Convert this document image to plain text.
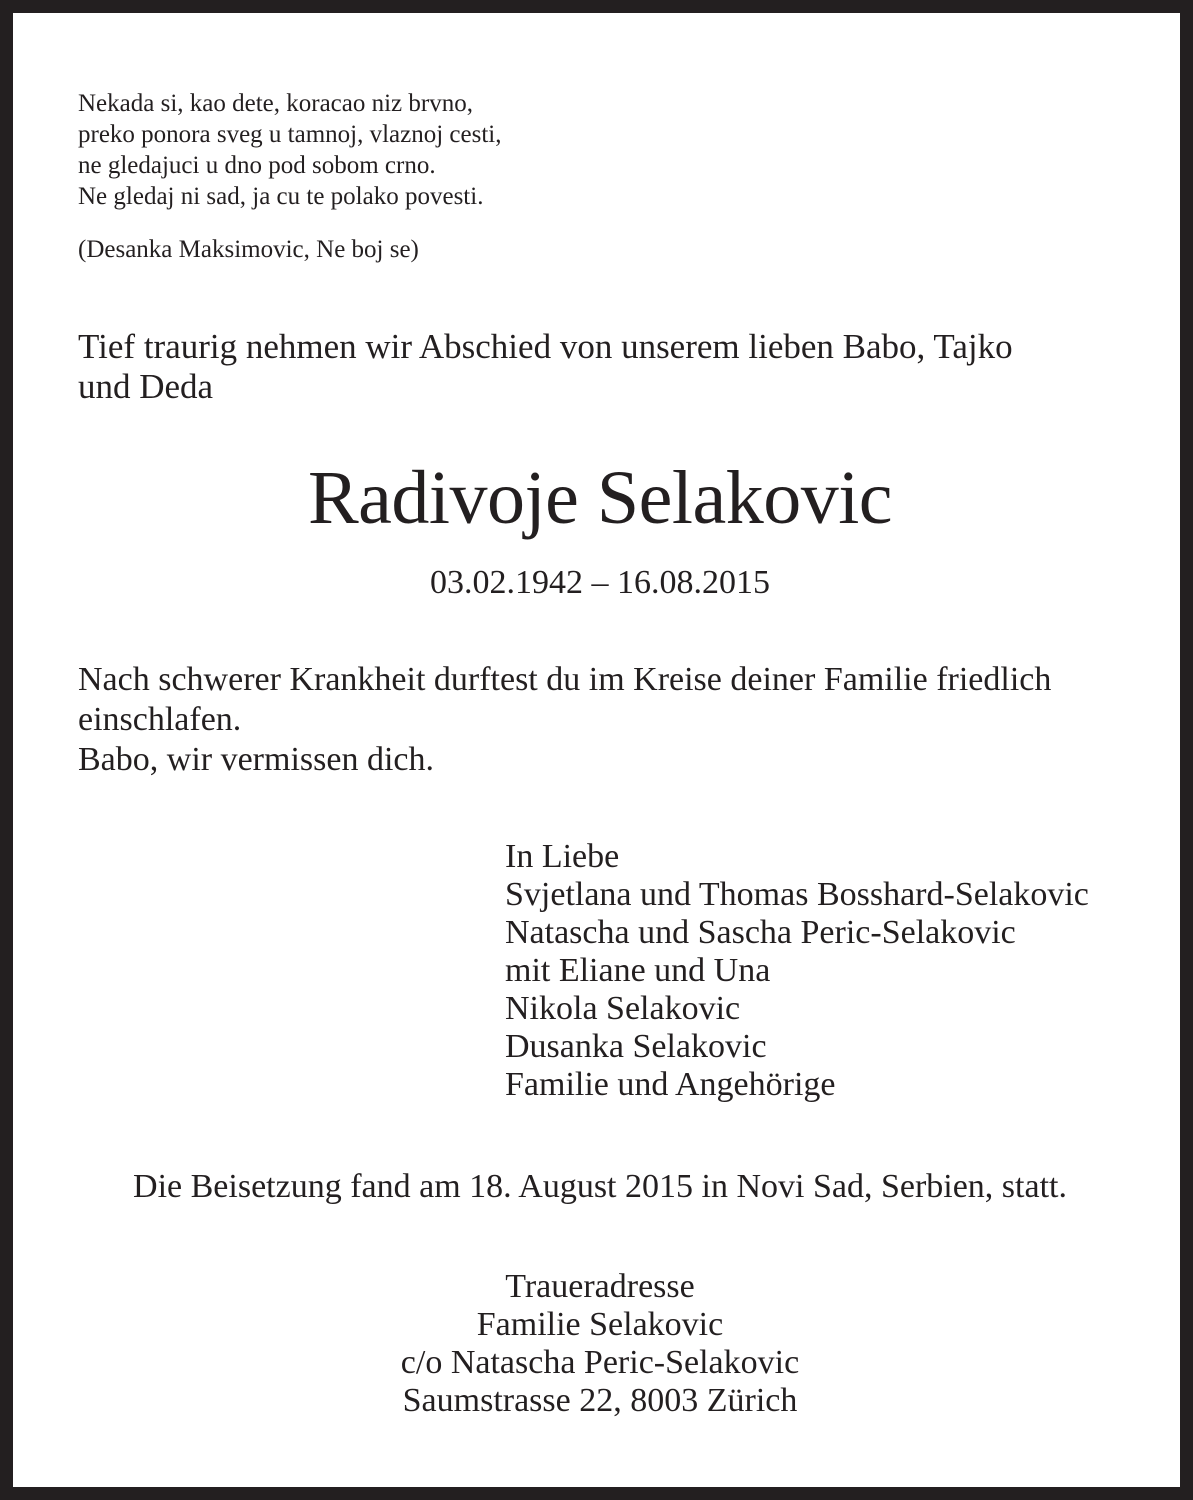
Nekada si, kao dete, koracao niz brvno,
preko ponora sveg u tamnoj, vlaznoj cesti,
ne gledajuci u dno pod sobom crno.
Ne gledaj ni sad, ja cu te polako povesti.
(Desanka Maksimovic, Ne boj se)
Tief traurig nehmen wir Abschied von unserem lieben Babo, Tajko
und Deda
Radivoje Selakovic
03.02.1942 – 16.08.2015
Nach schwerer Krankheit durftest du im Kreise deiner Familie friedlich
einschlafen.
Babo, wir vermissen dich.
In Liebe
Svjetlana und Thomas Bosshard-Selakovic
Natascha und Sascha Peric-Selakovic
mit Eliane und Una
Nikola Selakovic
Dusanka Selakovic
Familie und Angehörige
Die Beisetzung fand am 18. August 2015 in Novi Sad, Serbien, statt.
Traueradresse
Familie Selakovic
c/o Natascha Peric-Selakovic
Saumstrasse 22, 8003 Zürich
